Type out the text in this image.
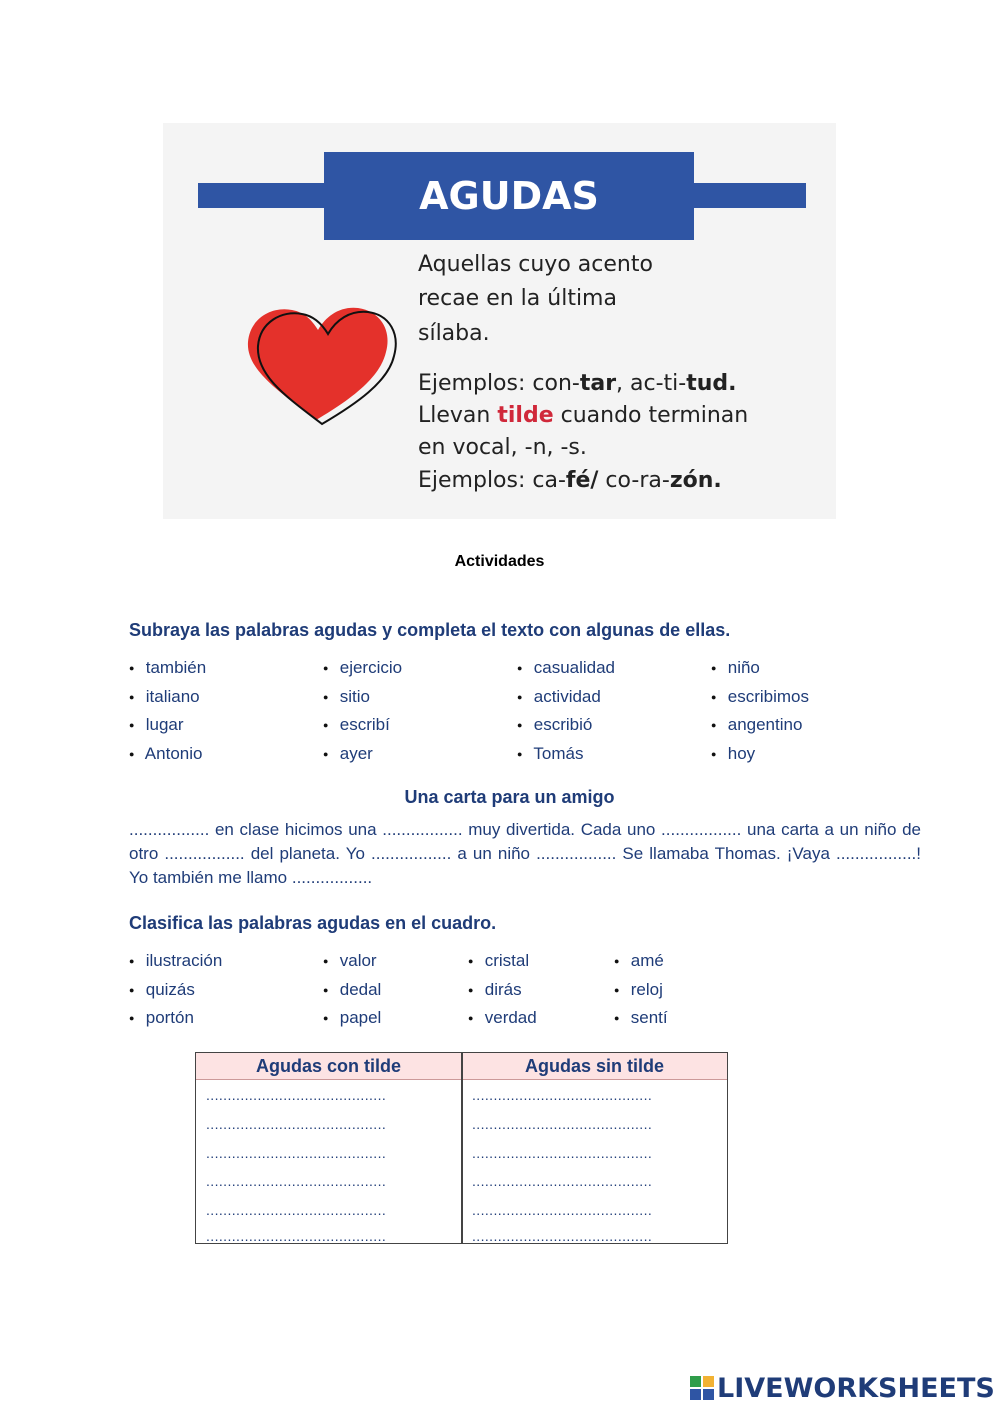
AGUDAS
Aquellas cuyo acento
recae en la última
sílaba.
Ejemplos: con-tar, ac-ti-tud.
Llevan tilde cuando terminan
en vocal, -n, -s.
Ejemplos: ca-fé/ co-ra-zón.
Actividades
Subraya las palabras agudas y completa el texto con algunas de ellas.
● también	● ejercicio	● casualidad	● niño
● italiano	● sitio	● actividad	● escribimos
● lugar	● escribí	● escribió	● angentino
● Antonio	● ayer	● Tomás	● hoy
Una carta para un amigo
................. en clase hicimos una ................. muy divertida. Cada uno ................. una carta a un niño de otro ................. del planeta. Yo ................. a un niño ................. Se llamaba Thomas. ¡Vaya .................! Yo también me llamo .................
Clasifica las palabras agudas en el cuadro.
● ilustración	● valor	● cristal	● amé
● quizás	● dedal	● dirás	● reloj
● portón	● papel	● verdad	● sentí
Agudas con tilde	Agudas sin tilde
..........................................	..........................................
..........................................	..........................................
..........................................	..........................................
..........................................	..........................................
..........................................	..........................................
..........................................	..........................................
LIVEWORKSHEETS
